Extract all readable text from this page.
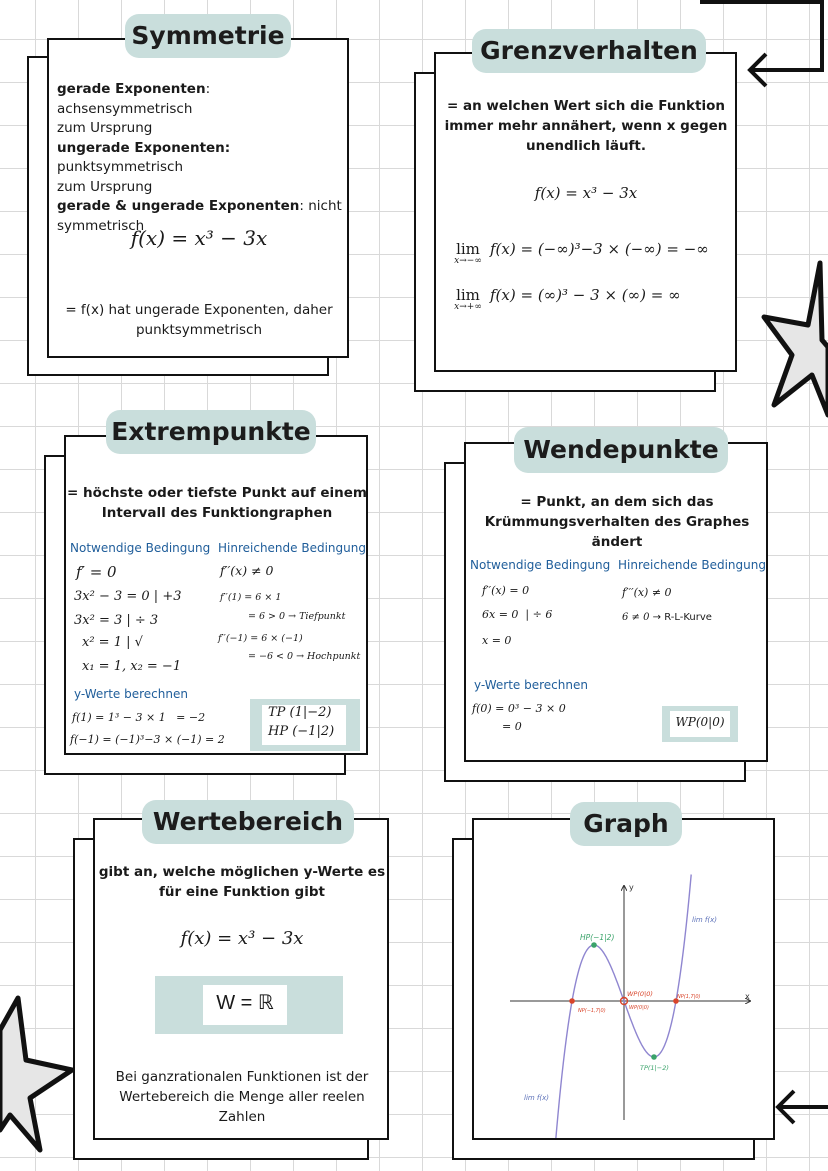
gerade Exponenten: achsensymmetrisch
zum Ursprung
ungerade Exponenten: punktsymmetrisch
zum Ursprung
gerade & ungerade Exponenten: nicht
symmetrisch
f(x) = x³ − 3x
= f(x) hat ungerade Exponenten, daher
punktsymmetrisch
Symmetrie
= an welchen Wert sich die Funktion
immer mehr annähert, wenn x gegen
unendlich läuft.
f(x) = x³ − 3x
lim
x→−∞
f(x) = (−∞)³−3 × (−∞) = −∞
lim
x→+∞
f(x) = (∞)³ − 3 × (∞) = ∞
Grenzverhalten
= höchste oder tiefste Punkt auf einem
Intervall des Funktiongraphen
Notwendige Bedingung Hinreichende Bedingung
f′ = 0
3x² − 3 = 0 | +3
3x² = 3 | ÷ 3
x² = 1 | √
x₁ = 1, x₂ = −1
f′′(x) ≠ 0
f′′(1) = 6 × 1
= 6 > 0 → Tiefpunkt
f′′(−1) = 6 × (−1)
= −6 < 0 → Hochpunkt
y-Werte berechnen
f(1) = 1³ − 3 × 1   = −2
f(−1) = (−1)³−3 × (−1) = 2
TP (1|−2)
HP (−1|2)
Extrempunkte
= Punkt, an dem sich das
Krümmungsverhalten des Graphes ändert
Notwendige Bedingung Hinreichende Bedingung
f′′(x) = 0
6x = 0  | ÷ 6
x = 0
f′′′(x) ≠ 0
6 ≠ 0 → R-L-Kurve
y-Werte berechnen
f(0) = 0³ − 3 × 0
= 0	WP(0|0)
Wendepunkte
gibt an, welche möglichen y-Werte es
für eine Funktion gibt
f(x) = x³ − 3x
W = ℝ
Bei ganzrationalen Funktionen ist der
Wertebereich die Menge aller reelen
Zahlen
Wertebereich
x
y
HP(−1|2)
TP(1|−2)
WP(0|0)
WP(0|0)
NP(−1,7|0)
NP(1,7|0)
lim f(x)
lim f(x)
Graph
